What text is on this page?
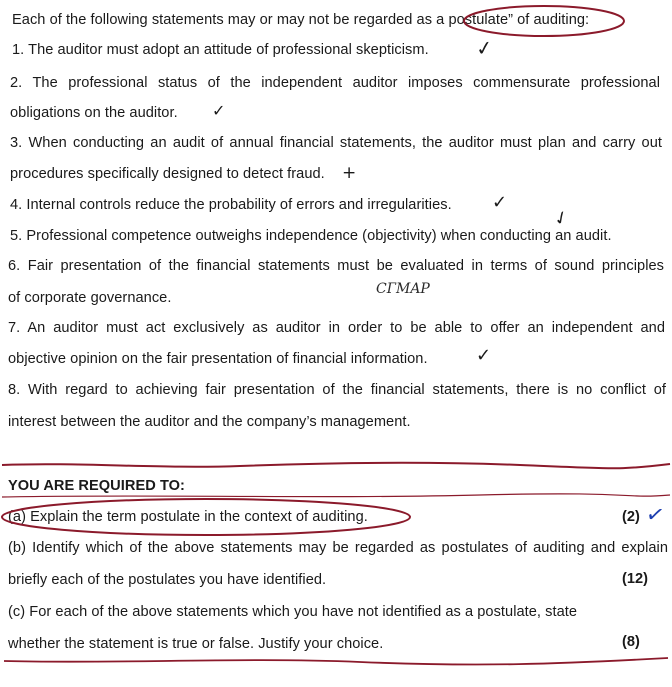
Each of the following statements may or may not be regarded as a postulate” of auditing:
1. The auditor must adopt an attitude of professional skepticism.
2. The professional status of the independent auditor imposes commensurate professional
obligations on the auditor.
3. When conducting an audit of annual financial statements, the auditor must plan and carry out
procedures specifically designed to detect fraud.
4. Internal controls reduce the probability of errors and irregularities.
5. Professional competence outweighs independence (objectivity) when conducting an audit.
6. Fair presentation of the financial statements must be evaluated in terms of sound principles
of corporate governance.
7. An auditor must act exclusively as auditor in order to be able to offer an independent and
objective opinion on the fair presentation of financial information.
8. With regard to achieving fair presentation of the financial statements, there is no conflict of
interest between the auditor and the company’s management.
✓
✓
+
✓
✓
CГMAP
✓
YOU ARE REQUIRED TO:
(a) Explain the term postulate in the context of auditing.	(2) ✓
(b) Identify which of the above statements may be regarded as postulates of auditing and explain
briefly each of the postulates you have identified.	(12)
(c) For each of the above statements which you have not identified as a postulate, state
whether the statement is true or false. Justify your choice.	(8)
